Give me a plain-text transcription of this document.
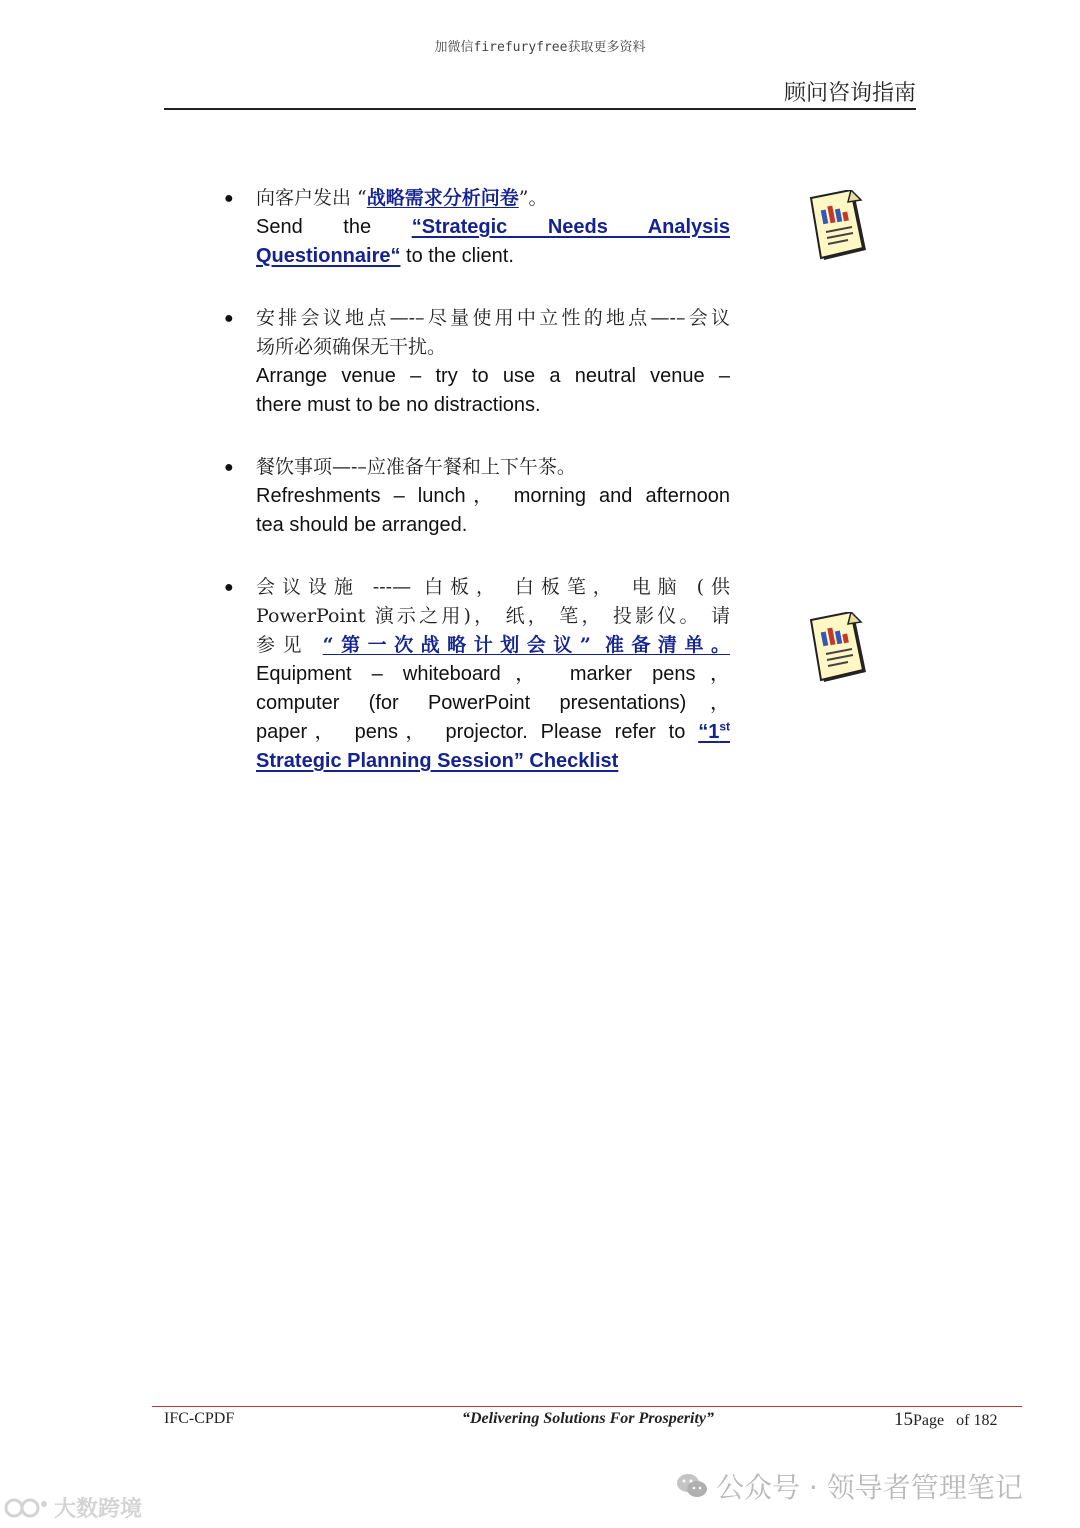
加微信firefuryfree获取更多资料
顾问咨询指南
● 向客户发出 “战略需求分析问卷”。
Send the “Strategic Needs Analysis
Questionnaire“ to the client.
● 安排会议地点—-–尽量使用中立性的地点—-–会议
场所必须确保无干扰。
Arrange venue – try to use a neutral venue –
there must to be no distractions.
● 餐饮事项—-–应准备午餐和上下午茶。
Refreshments – lunch， morning and afternoon
tea should be arranged.
● 会议设施 ---— 白板， 白板笔， 电脑 (供
PowerPoint 演示之用)， 纸， 笔， 投影仪。 请
参见 “第一次战略计划会议” 准备清单。
Equipment – whiteboard， marker pens，
computer (for PowerPoint presentations)，
paper， pens， projector. Please refer to “1st
Strategic Planning Session” Checklist
IFC-CPDF	“Delivering Solutions For Prosperity”	15Page of 182
公众号 · 领导者管理笔记
大数跨境
